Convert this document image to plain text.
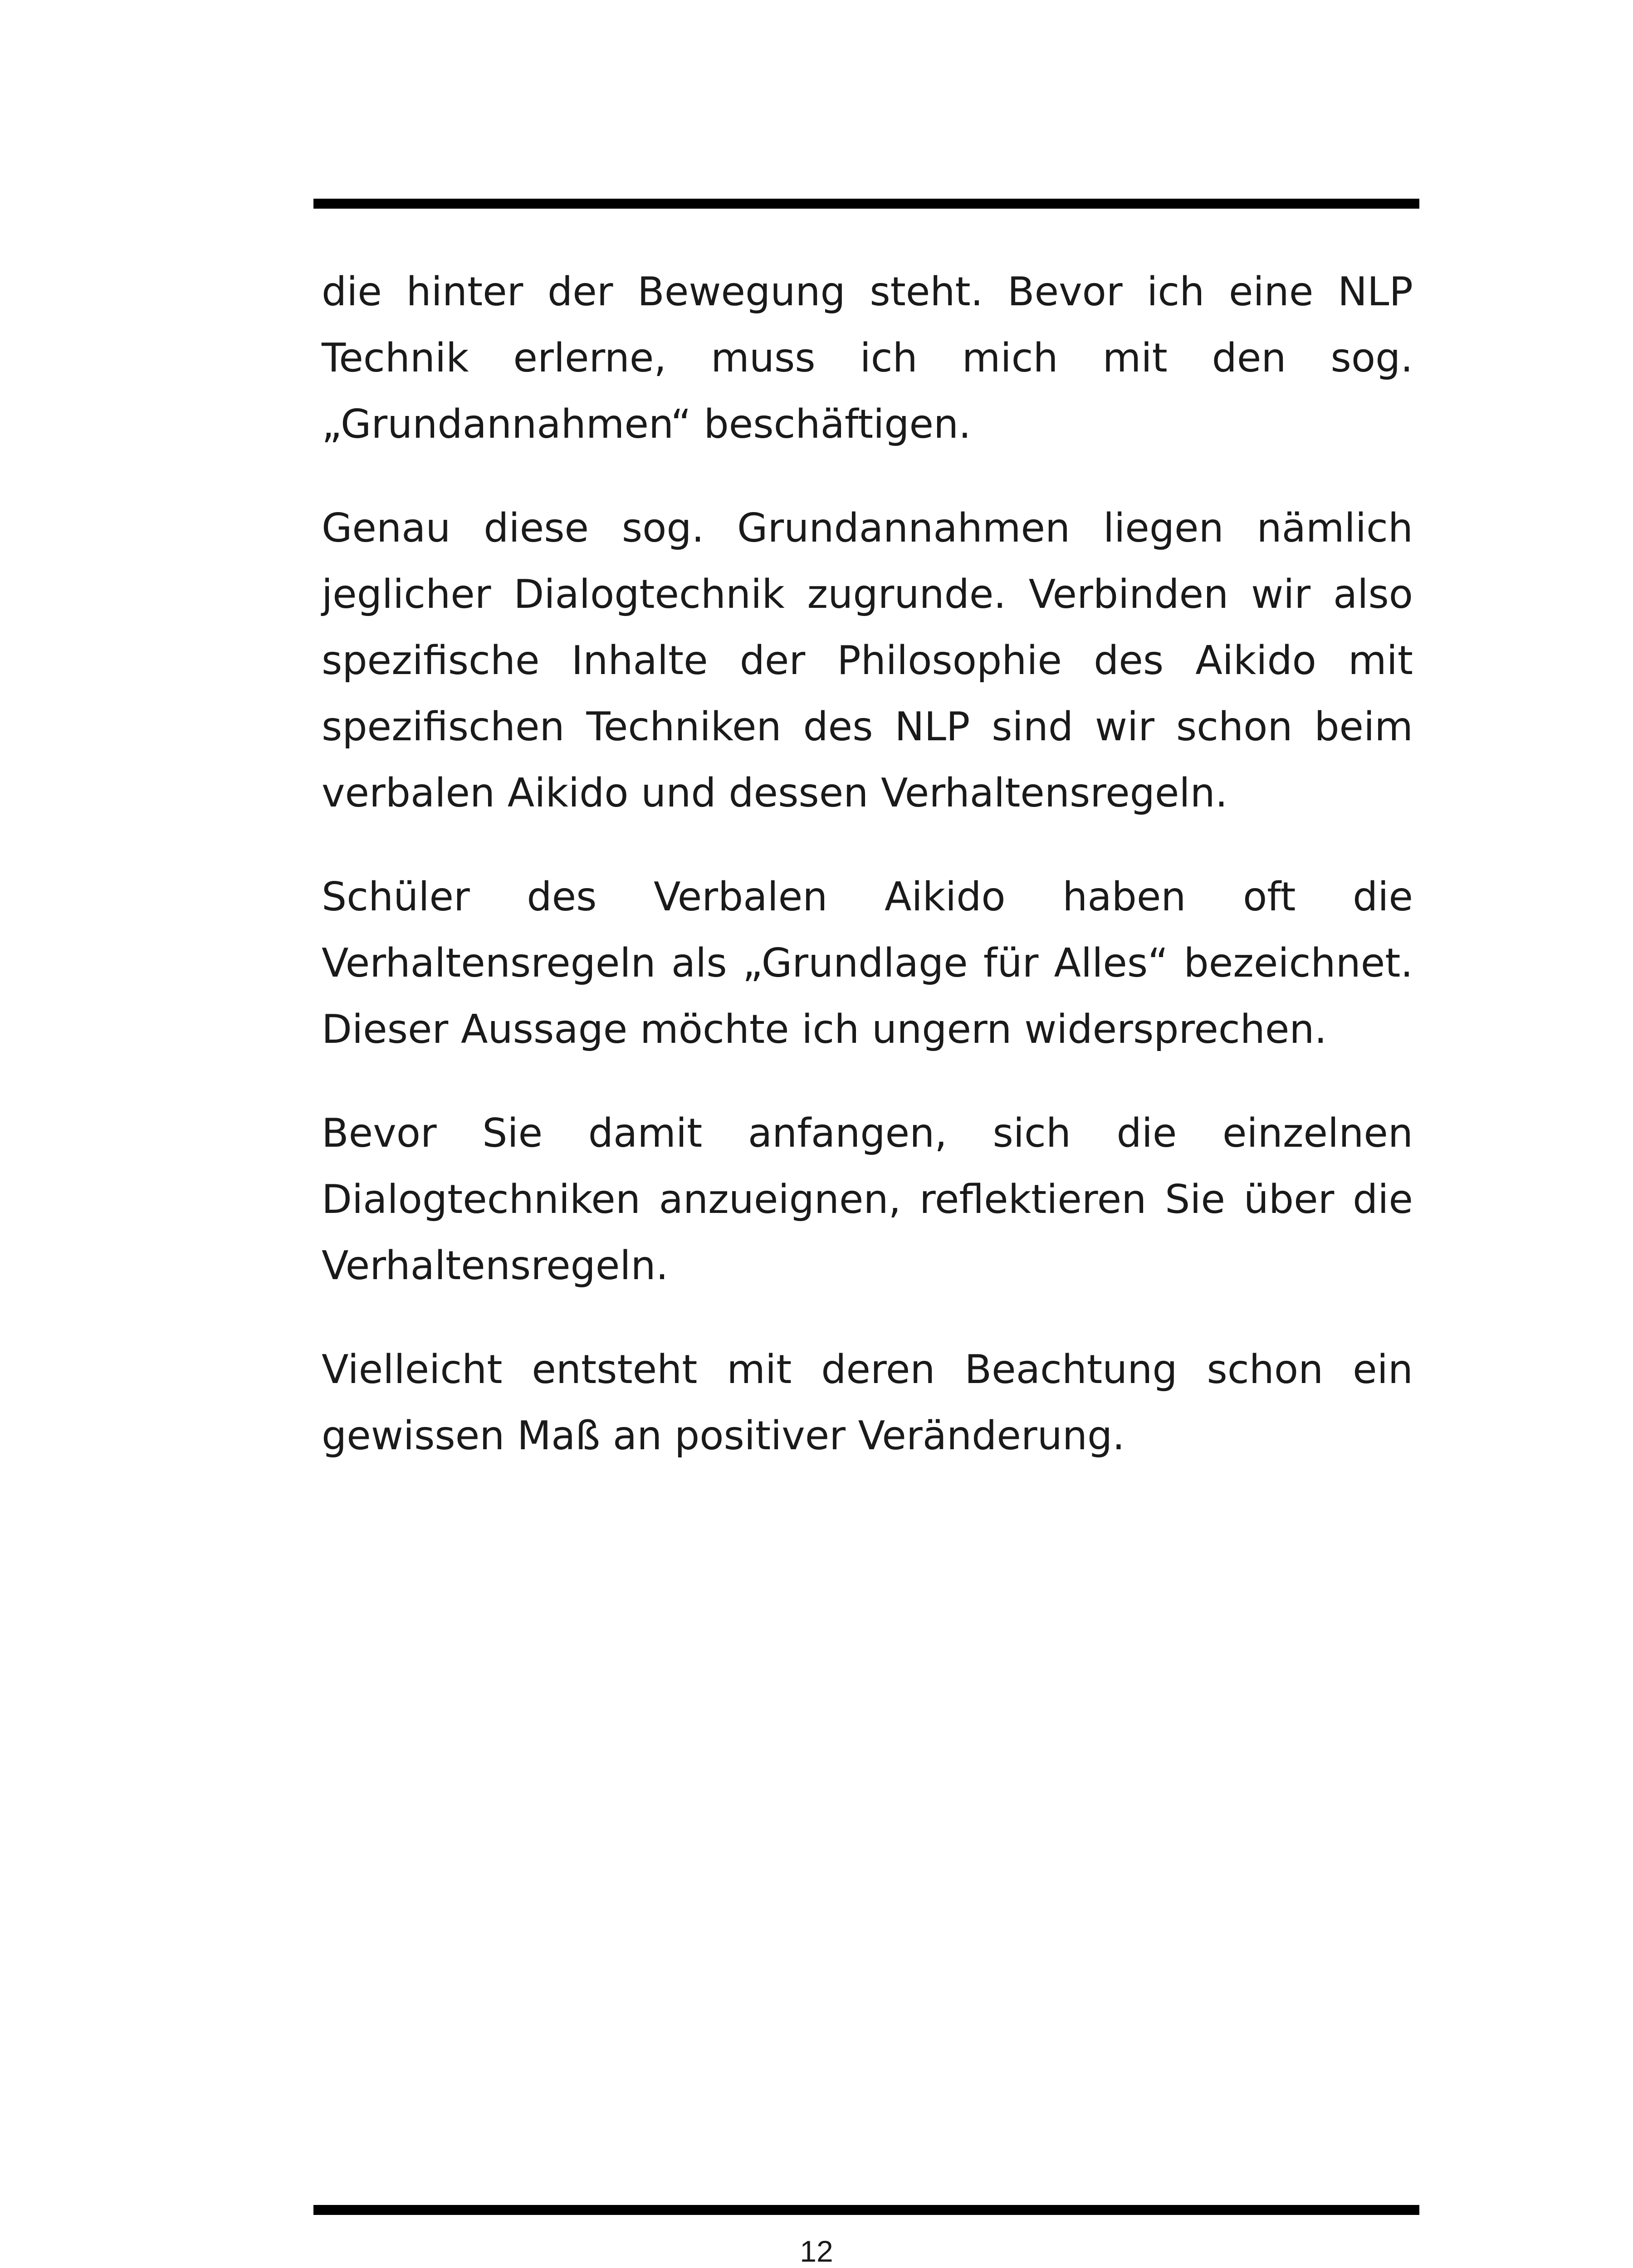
die hinter der Bewegung steht. Bevor ich eine NLP
Technik erlerne, muss ich mich mit den sog.
„Grundannahmen“ beschäftigen.

Genau diese sog. Grundannahmen liegen nämlich
jeglicher Dialogtechnik zugrunde. Verbinden wir also
spezifische Inhalte der Philosophie des Aikido mit
spezifischen Techniken des NLP sind wir schon beim
verbalen Aikido und dessen Verhaltensregeln.

Schüler des Verbalen Aikido haben oft die
Verhaltensregeln als „Grundlage für Alles“ bezeichnet.
Dieser Aussage möchte ich ungern widersprechen.

Bevor Sie damit anfangen, sich die einzelnen
Dialogtechniken anzueignen, reflektieren Sie über die
Verhaltensregeln.

Vielleicht entsteht mit deren Beachtung schon ein
gewissen Maß an positiver Veränderung.

12
